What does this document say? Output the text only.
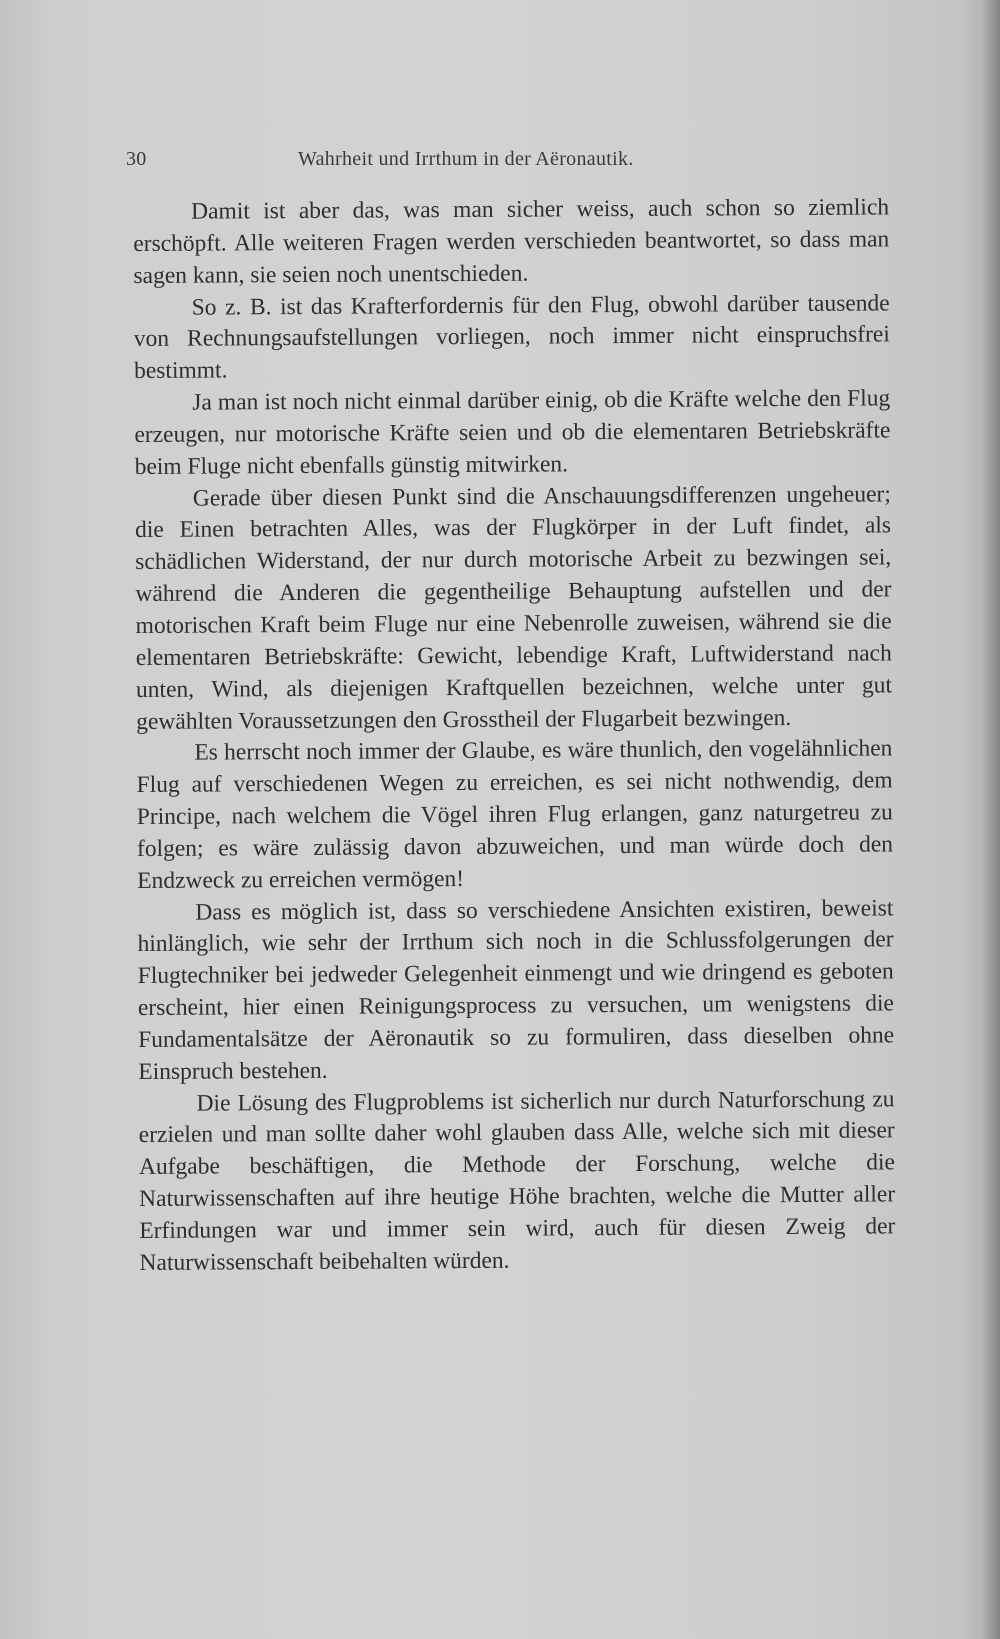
30	Wahrheit und Irrthum in der Aëronautik.

Damit ist aber das, was man sicher weiss, auch schon so ziemlich erschöpft. Alle weiteren Fragen werden verschieden beantwortet, so dass man sagen kann, sie seien noch unentschieden.

So z. B. ist das Krafterfordernis für den Flug, obwohl darüber tausende von Rechnungsaufstellungen vorliegen, noch immer nicht einspruchsfrei bestimmt.

Ja man ist noch nicht einmal darüber einig, ob die Kräfte welche den Flug erzeugen, nur motorische Kräfte seien und ob die elementaren Betriebskräfte beim Fluge nicht ebenfalls günstig mitwirken.

Gerade über diesen Punkt sind die Anschauungsdifferenzen ungeheuer; die Einen betrachten Alles, was der Flugkörper in der Luft findet, als schädlichen Widerstand, der nur durch motorische Arbeit zu bezwingen sei, während die Anderen die gegentheilige Behauptung aufstellen und der motorischen Kraft beim Fluge nur eine Nebenrolle zuweisen, während sie die elementaren Betriebskräfte: Gewicht, lebendige Kraft, Luftwiderstand nach unten, Wind, als diejenigen Kraftquellen bezeichnen, welche unter gut gewählten Voraussetzungen den Grosstheil der Flugarbeit bezwingen.

Es herrscht noch immer der Glaube, es wäre thunlich, den vogelähnlichen Flug auf verschiedenen Wegen zu erreichen, es sei nicht nothwendig, dem Principe, nach welchem die Vögel ihren Flug erlangen, ganz naturgetreu zu folgen; es wäre zulässig davon abzuweichen, und man würde doch den Endzweck zu erreichen vermögen!

Dass es möglich ist, dass so verschiedene Ansichten existiren, beweist hinlänglich, wie sehr der Irrthum sich noch in die Schlussfolgerungen der Flugtechniker bei jedweder Gelegenheit einmengt und wie dringend es geboten erscheint, hier einen Reinigungsprocess zu versuchen, um wenigstens die Fundamentalsätze der Aëronautik so zu formuliren, dass dieselben ohne Einspruch bestehen.

Die Lösung des Flugproblems ist sicherlich nur durch Naturforschung zu erzielen und man sollte daher wohl glauben dass Alle, welche sich mit dieser Aufgabe beschäftigen, die Methode der Forschung, welche die Naturwissenschaften auf ihre heutige Höhe brachten, welche die Mutter aller Erfindungen war und immer sein wird, auch für diesen Zweig der Naturwissenschaft beibehalten würden.
